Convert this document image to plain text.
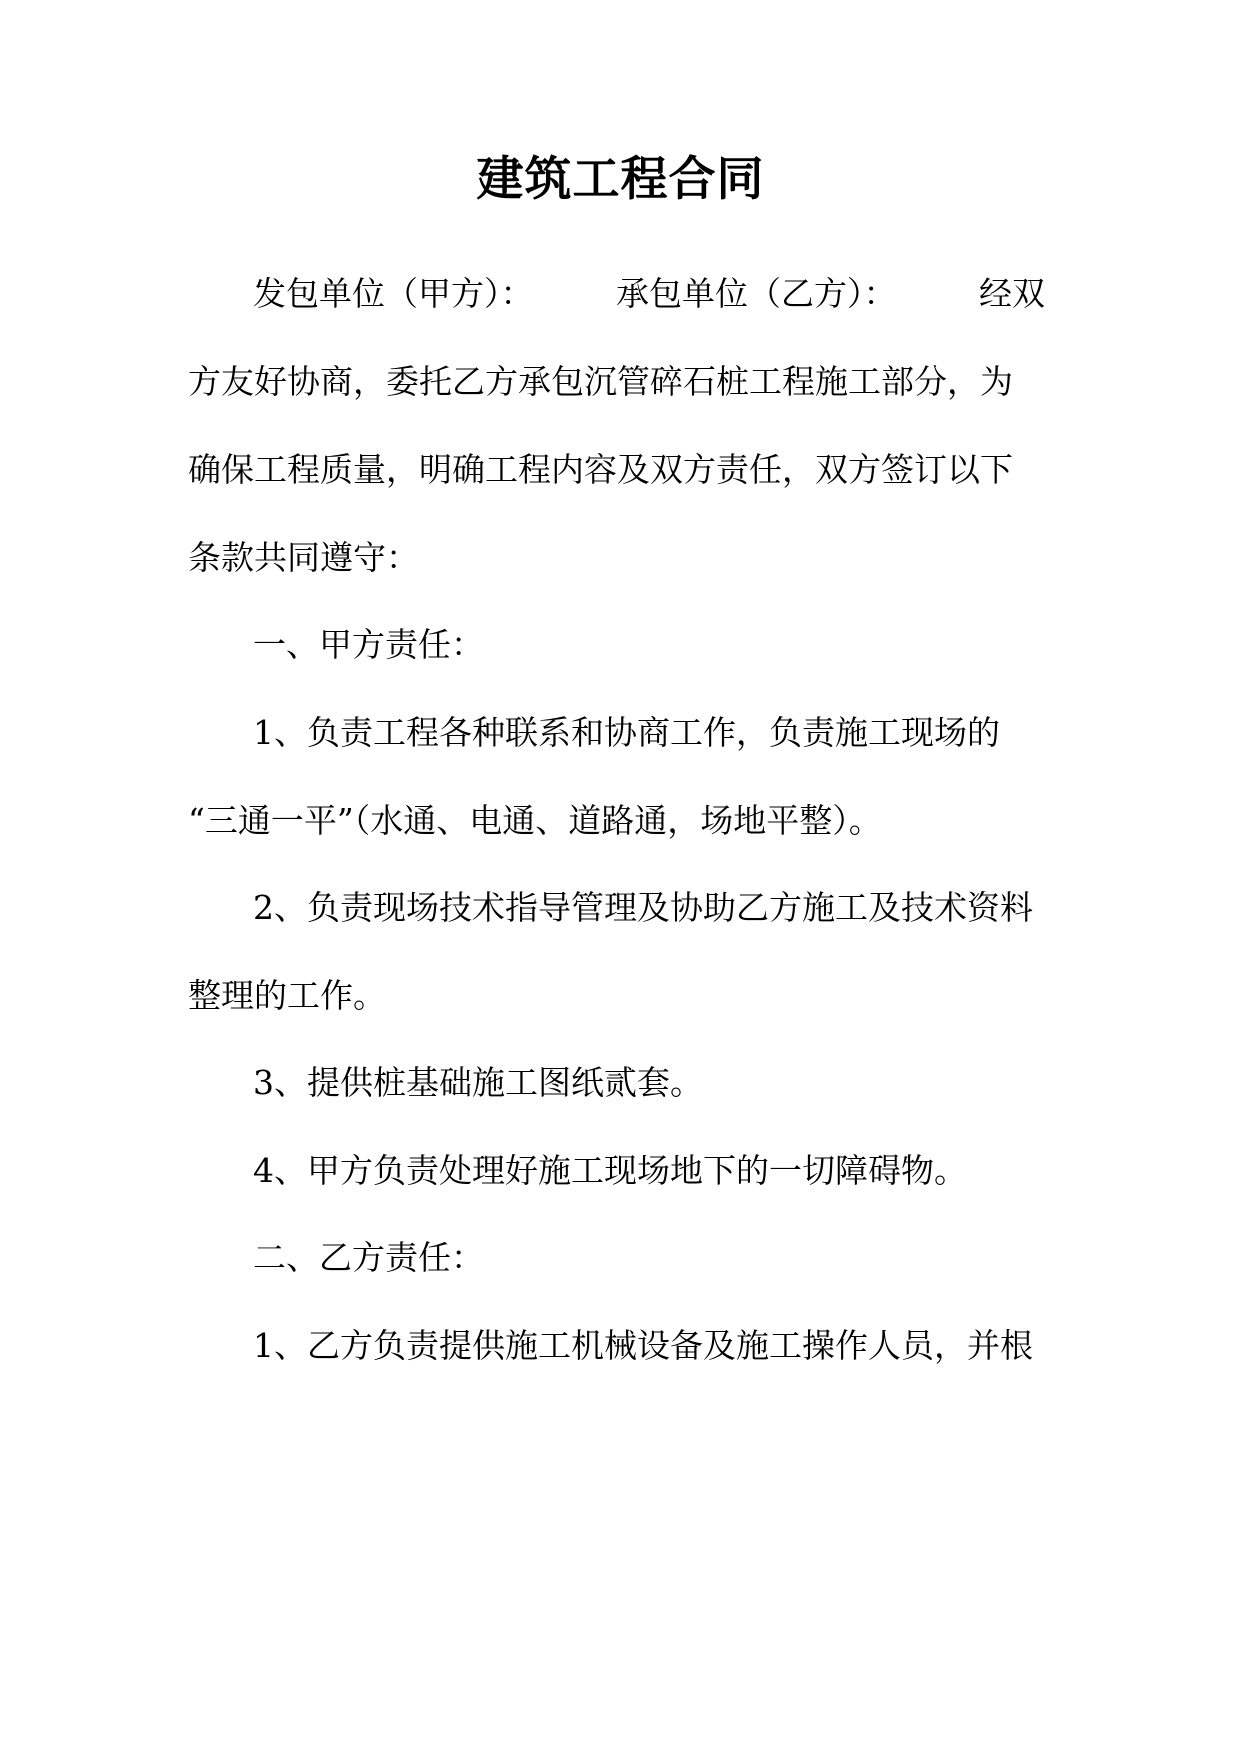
建筑工程合同
发包单位（甲方）：　　　承包单位（乙方）：　　　经双
方友好协商，委托乙方承包沉管碎石桩工程施工部分，为
确保工程质量，明确工程内容及双方责任，双方签订以下
条款共同遵守：
一、甲方责任：
1、负责工程各种联系和协商工作，负责施工现场的
“三通一平”（水通、电通、道路通，场地平整）。
2、负责现场技术指导管理及协助乙方施工及技术资料
整理的工作。
3、提供桩基础施工图纸贰套。
4、甲方负责处理好施工现场地下的一切障碍物。
二、乙方责任：
1、乙方负责提供施工机械设备及施工操作人员，并根
